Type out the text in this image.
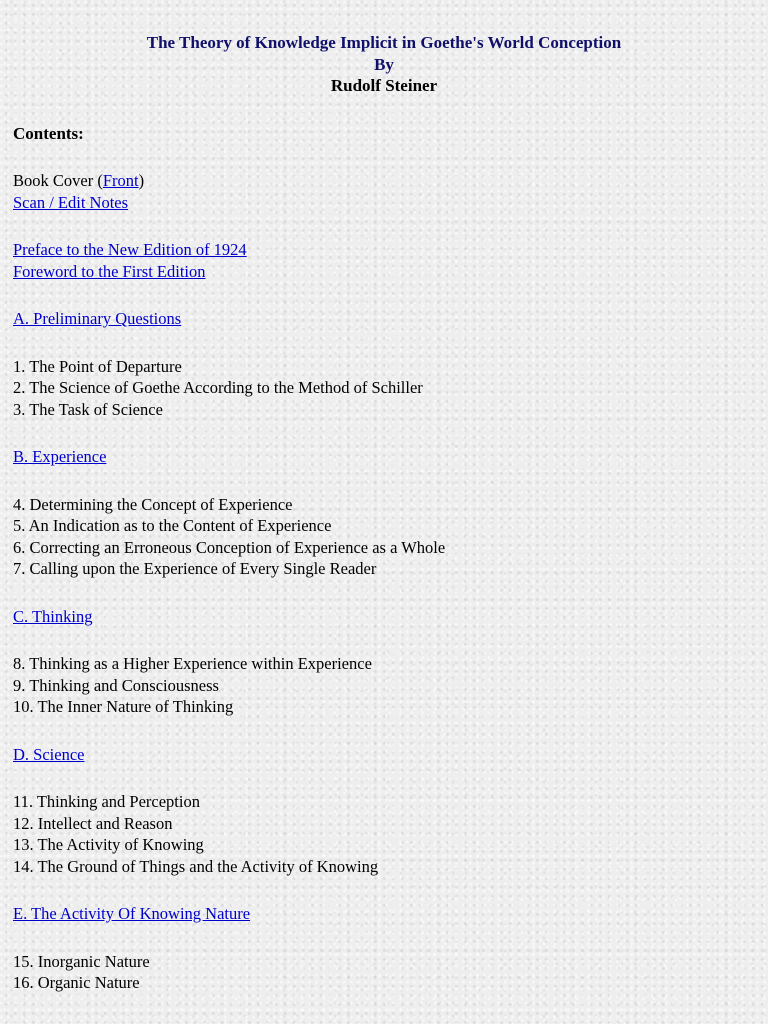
The Theory of Knowledge Implicit in Goethe's World Conception
By
Rudolf Steiner
Contents:
Book Cover (Front)
Scan / Edit Notes
Preface to the New Edition of 1924
Foreword to the First Edition
A. Preliminary Questions
1. The Point of Departure
2. The Science of Goethe According to the Method of Schiller
3. The Task of Science
B. Experience
4. Determining the Concept of Experience
5. An Indication as to the Content of Experience
6. Correcting an Erroneous Conception of Experience as a Whole
7. Calling upon the Experience of Every Single Reader
C. Thinking
8. Thinking as a Higher Experience within Experience
9. Thinking and Consciousness
10. The Inner Nature of Thinking
D. Science
11. Thinking and Perception
12. Intellect and Reason
13. The Activity of Knowing
14. The Ground of Things and the Activity of Knowing
E. The Activity Of Knowing Nature
15. Inorganic Nature
16. Organic Nature
